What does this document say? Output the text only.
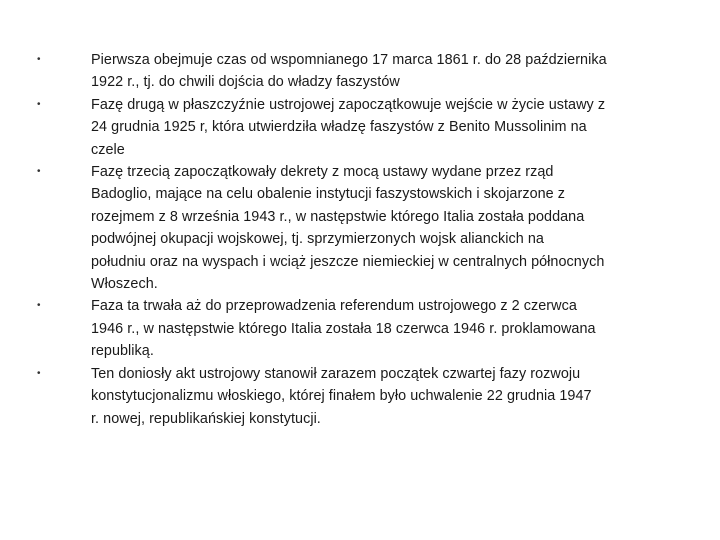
•	Pierwsza obejmuje czas od wspomnianego 17 marca 1861 r. do 28 października
1922 r., tj. do chwili dojścia do władzy faszystów
•	Fazę drugą w płaszczyźnie ustrojowej zapoczątkowuje wejście w życie ustawy z
24 grudnia 1925 r, która utwierdziła władzę faszystów z Benito Mussolinim na
czele
•	Fazę trzecią zapoczątkowały dekrety z mocą ustawy wydane przez rząd
Badoglio, mające na celu obalenie instytucji faszystowskich i skojarzone z
rozejmem z 8 września 1943 r., w następstwie którego Italia została poddana
podwójnej okupacji wojskowej, tj. sprzymierzonych wojsk alianckich na
południu oraz na wyspach i wciąż jeszcze niemieckiej w centralnych północnych
Włoszech.
•	Faza ta trwała aż do przeprowadzenia referendum ustrojowego z 2 czerwca
1946 r., w następstwie którego Italia została 18 czerwca 1946 r. proklamowana
republiką.
•	Ten doniosły akt ustrojowy stanowił zarazem początek czwartej fazy rozwoju
konstytucjonalizmu włoskiego, której finałem było uchwalenie 22 grudnia 1947
r. nowej, republikańskiej konstytucji.
